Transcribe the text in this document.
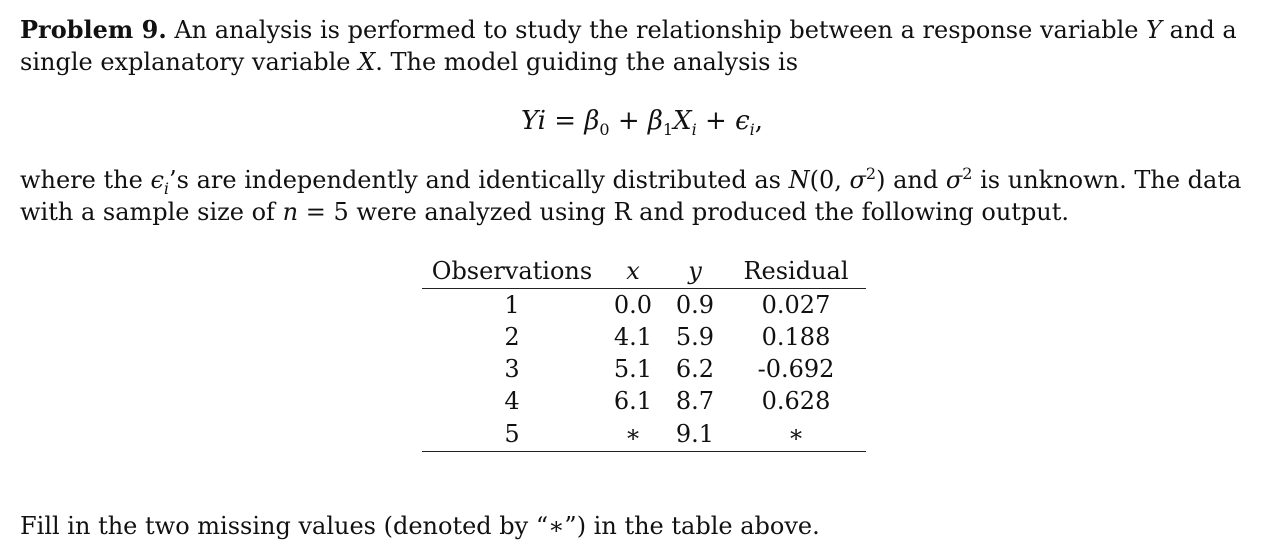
Problem 9. An analysis is performed to study the relationship between a response variable Y and a single explanatory variable X. The model guiding the analysis is

$Yi = \beta_0 + \beta_1X_i + \epsilon_i$,

where the $\epsilon_i’s$ are independently and identically distributed as N(0, $\sigma^2$) and $\sigma^2$ is unknown. The data with a sample size of n = 5 were analyzed using R and produced the following output.

Observations	x	y	Residual
1	0.0	0.9	0.027
2	4.1	5.9	0.188
3	5.1	6.2	-0.692
4	6.1	8.7	0.628
5	∗	9.1	∗

Fill in the two missing values (denoted by “∗”) in the table above.
